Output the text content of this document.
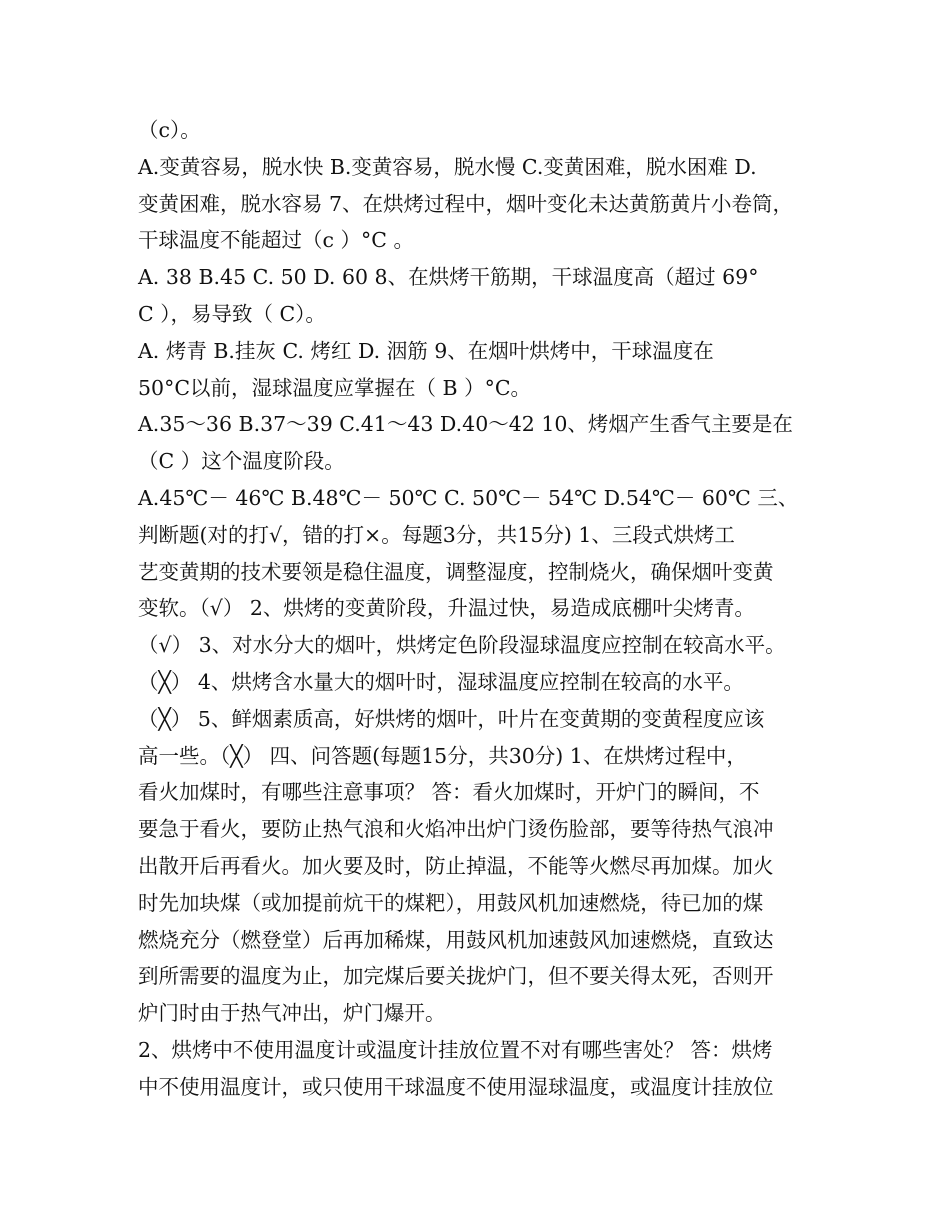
（c）。
A.变黄容易，脱水快 B.变黄容易，脱水慢 C.变黄困难，脱水困难 D.
变黄困难，脱水容易 7、在烘烤过程中，烟叶变化未达黄筋黄片小卷筒，
干球温度不能超过（c ）°C 。
A. 38 B.45 C. 50 D. 60 8、在烘烤干筋期，干球温度高（超过 69°
C ），易导致（ C）。
A. 烤青 B.挂灰 C. 烤红 D. 洇筋 9、在烟叶烘烤中，干球温度在
50°C以前，湿球温度应掌握在（ B ）°C。
A.35～36 B.37～39 C.41～43 D.40～42 10、烤烟产生香气主要是在
（C ）这个温度阶段。
A.45℃－ 46℃ B.48℃－ 50℃ C. 50℃－ 54℃ D.54℃－ 60℃ 三、
判断题(对的打√，错的打×。每题3分，共15分) 1、三段式烘烤工
艺变黄期的技术要领是稳住温度，调整湿度，控制烧火，确保烟叶变黄
变软。（√） 2、烘烤的变黄阶段，升温过快，易造成底棚叶尖烤青。
（√） 3、对水分大的烟叶，烘烤定色阶段湿球温度应控制在较高水平。
（╳） 4、烘烤含水量大的烟叶时，湿球温度应控制在较高的水平。
（╳） 5、鲜烟素质高，好烘烤的烟叶，叶片在变黄期的变黄程度应该
高一些。（╳） 四、问答题(每题15分，共30分) 1、在烘烤过程中，
看火加煤时，有哪些注意事项？ 答：看火加煤时，开炉门的瞬间，不
要急于看火，要防止热气浪和火焰冲出炉门烫伤脸部，要等待热气浪冲
出散开后再看火。加火要及时，防止掉温，不能等火燃尽再加煤。加火
时先加块煤（或加提前炕干的煤粑），用鼓风机加速燃烧，待已加的煤
燃烧充分（燃登堂）后再加稀煤，用鼓风机加速鼓风加速燃烧，直致达
到所需要的温度为止，加完煤后要关拢炉门，但不要关得太死，否则开
炉门时由于热气冲出，炉门爆开。
2、烘烤中不使用温度计或温度计挂放位置不对有哪些害处？ 答：烘烤
中不使用温度计，或只使用干球温度不使用湿球温度，或温度计挂放位
